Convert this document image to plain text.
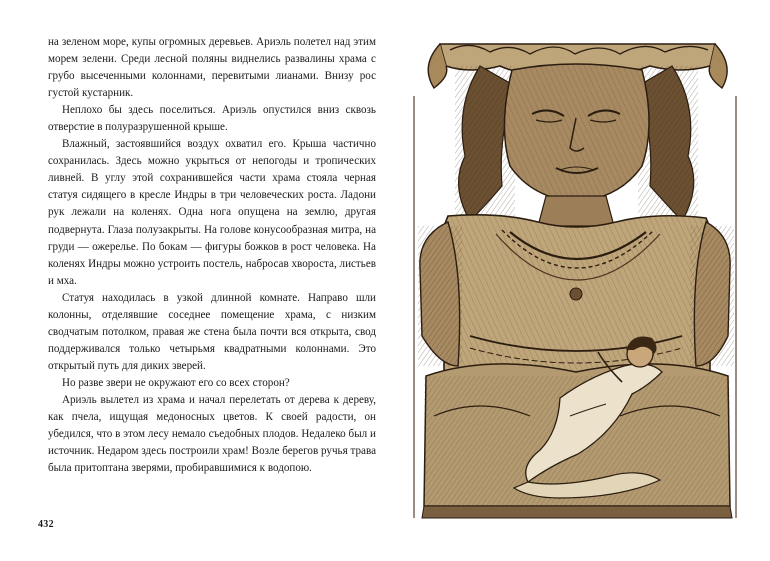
на зеленом море, купы огромных деревьев. Ариэль полетел над этим морем зелени. Среди лесной поляны виднелись развалины храма с грубо высеченными колоннами, перевитыми лианами. Внизу рос густой кустарник.

Неплохо бы здесь поселиться. Ариэль опустился вниз сквозь отверстие в полуразрушенной крыше.

Влажный, застоявшийся воздух охватил его. Крыша частично сохранилась. Здесь можно укрыться от непогоды и тропических ливней. В углу этой сохранившейся части храма стояла черная статуя сидящего в кресле Индры в три человеческих роста. Ладони рук лежали на коленях. Одна нога опущена на землю, другая подвернута. Глаза полузакрыты. На голове конусообразная митра, на груди — ожерелье. По бокам — фигуры божков в рост человека. На коленях Индры можно устроить постель, набросав хвороста, листьев и мха.

Статуя находилась в узкой длинной комнате. Направо шли колонны, отделявшие соседнее помещение храма, с низким сводчатым потолком, правая же стена была почти вся открыта, свод поддерживался только четырьмя квадратными колоннами. Это открытый путь для диких зверей.

Но разве звери не окружают его со всех сторон?

Ариэль вылетел из храма и начал перелетать от дерева к дереву, как пчела, ищущая медоносных цветов. К своей радости, он убедился, что в этом лесу немало съедобных плодов. Недалеко был и источник. Недаром здесь построили храм! Возле берегов ручья трава была притоптана зверями, пробиравшимися к водопою.

432
